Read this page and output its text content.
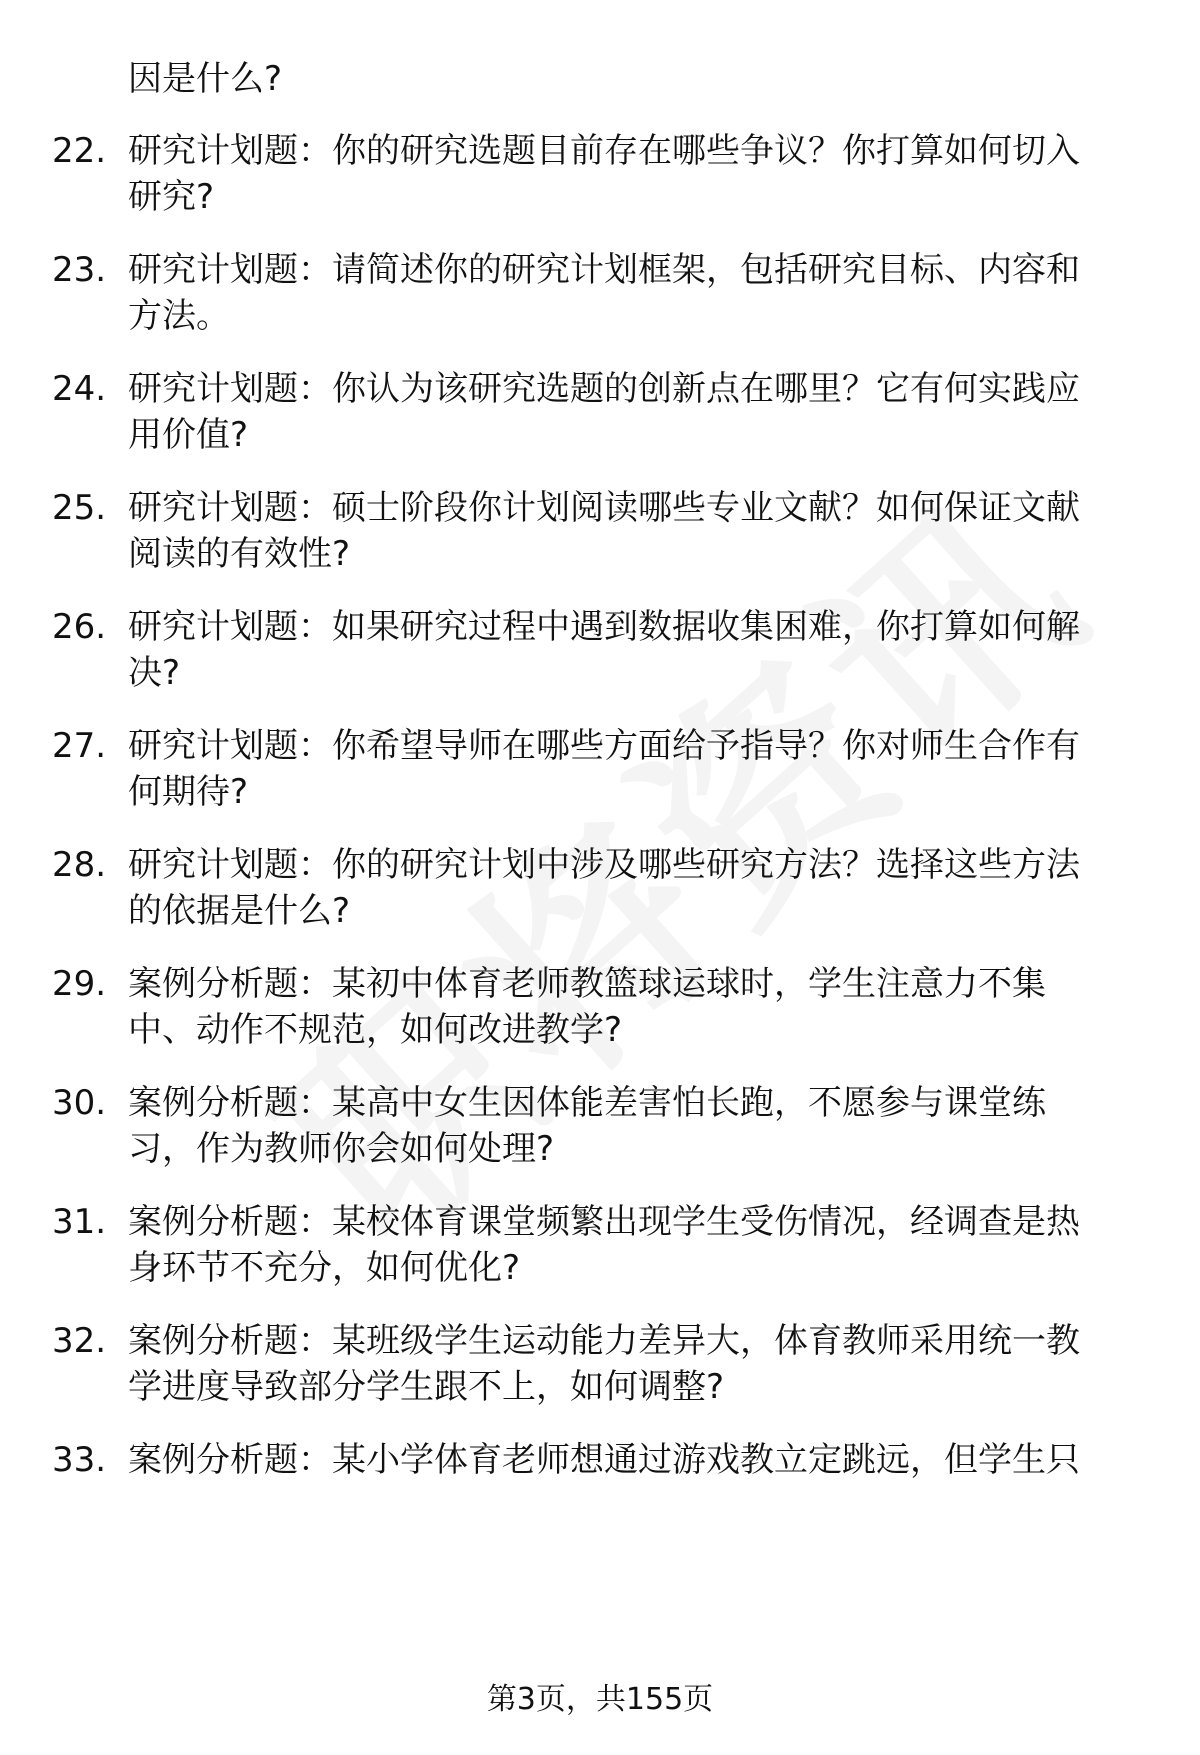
因是什么?
22. 研究计划题：你的研究选题目前存在哪些争议？你打算如何切入
研究?
23. 研究计划题：请简述你的研究计划框架，包括研究目标、内容和
方法。
24. 研究计划题：你认为该研究选题的创新点在哪里？它有何实践应
用价值?
25. 研究计划题：硕士阶段你计划阅读哪些专业文献？如何保证文献
阅读的有效性?
26. 研究计划题：如果研究过程中遇到数据收集困难，你打算如何解
决?
27. 研究计划题：你希望导师在哪些方面给予指导？你对师生合作有
何期待?
28. 研究计划题：你的研究计划中涉及哪些研究方法？选择这些方法
的依据是什么?
29. 案例分析题：某初中体育老师教篮球运球时，学生注意力不集
中、动作不规范，如何改进教学?
30. 案例分析题：某高中女生因体能差害怕长跑，不愿参与课堂练
习，作为教师你会如何处理?
31. 案例分析题：某校体育课堂频繁出现学生受伤情况，经调查是热
身环节不充分，如何优化?
32. 案例分析题：某班级学生运动能力差异大，体育教师采用统一教
学进度导致部分学生跟不上，如何调整?
33. 案例分析题：某小学体育老师想通过游戏教立定跳远，但学生只
第3页，共155页
